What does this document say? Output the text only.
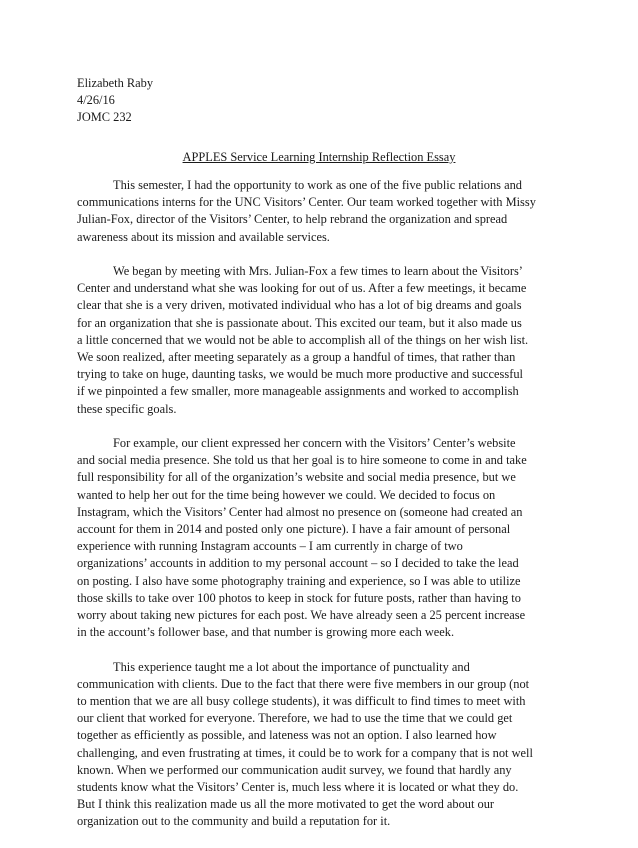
Elizabeth Raby
4/26/16
JOMC 232
APPLES Service Learning Internship Reflection Essay
This semester, I had the opportunity to work as one of the five public relations and
communications interns for the UNC Visitors’ Center. Our team worked together with Missy
Julian-Fox, director of the Visitors’ Center, to help rebrand the organization and spread
awareness about its mission and available services.
We began by meeting with Mrs. Julian-Fox a few times to learn about the Visitors’
Center and understand what she was looking for out of us. After a few meetings, it became
clear that she is a very driven, motivated individual who has a lot of big dreams and goals
for an organization that she is passionate about. This excited our team, but it also made us
a little concerned that we would not be able to accomplish all of the things on her wish list.
We soon realized, after meeting separately as a group a handful of times, that rather than
trying to take on huge, daunting tasks, we would be much more productive and successful
if we pinpointed a few smaller, more manageable assignments and worked to accomplish
these specific goals.
For example, our client expressed her concern with the Visitors’ Center’s website
and social media presence. She told us that her goal is to hire someone to come in and take
full responsibility for all of the organization’s website and social media presence, but we
wanted to help her out for the time being however we could. We decided to focus on
Instagram, which the Visitors’ Center had almost no presence on (someone had created an
account for them in 2014 and posted only one picture). I have a fair amount of personal
experience with running Instagram accounts – I am currently in charge of two
organizations’ accounts in addition to my personal account – so I decided to take the lead
on posting. I also have some photography training and experience, so I was able to utilize
those skills to take over 100 photos to keep in stock for future posts, rather than having to
worry about taking new pictures for each post. We have already seen a 25 percent increase
in the account’s follower base, and that number is growing more each week.
This experience taught me a lot about the importance of punctuality and
communication with clients. Due to the fact that there were five members in our group (not
to mention that we are all busy college students), it was difficult to find times to meet with
our client that worked for everyone. Therefore, we had to use the time that we could get
together as efficiently as possible, and lateness was not an option. I also learned how
challenging, and even frustrating at times, it could be to work for a company that is not well
known. When we performed our communication audit survey, we found that hardly any
students know what the Visitors’ Center is, much less where it is located or what they do.
But I think this realization made us all the more motivated to get the word about our
organization out to the community and build a reputation for it.
